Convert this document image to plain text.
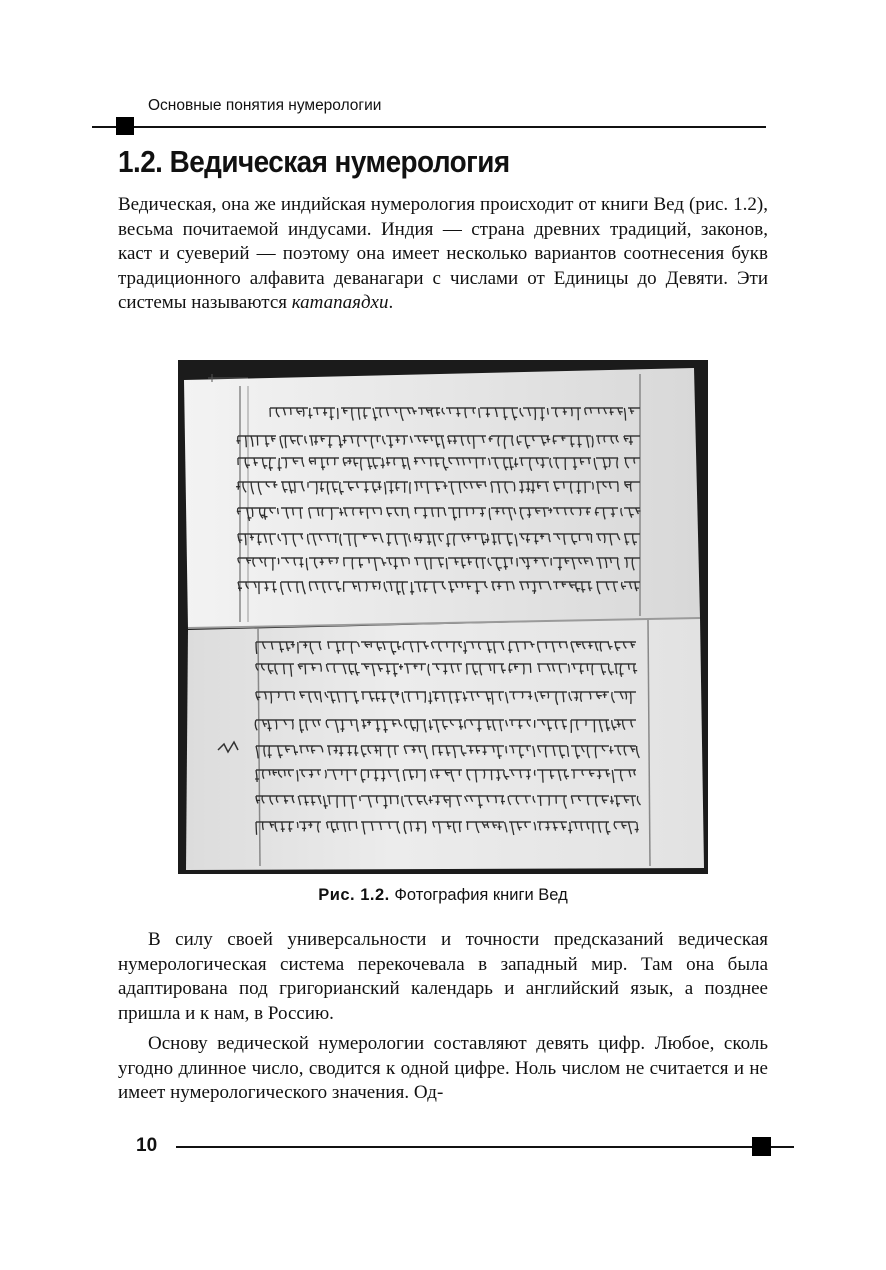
Основные понятия нумерологии
1.2. Ведическая нумерология

Ведическая, она же индийская нумерология происходит от книги Вед (рис. 1.2), весьма почитаемой индусами. Индия — страна древних традиций, законов, каст и суеверий — поэтому она имеет несколько вариантов соотнесения букв традиционного алфавита деванагари с числами от Единицы до Девяти. Эти системы называются катапаядхи.

Рис. 1.2. Фотография книги Вед

В силу своей универсальности и точности предсказаний ведическая нумерологическая система перекочевала в западный мир. Там она была адаптирована под григорианский календарь и английский язык, а позднее пришла и к нам, в Россию.

Основу ведической нумерологии составляют девять цифр. Любое, сколь угодно длинное число, сводится к одной цифре. Ноль числом не считается и не имеет нумерологического значения. Од-

10
